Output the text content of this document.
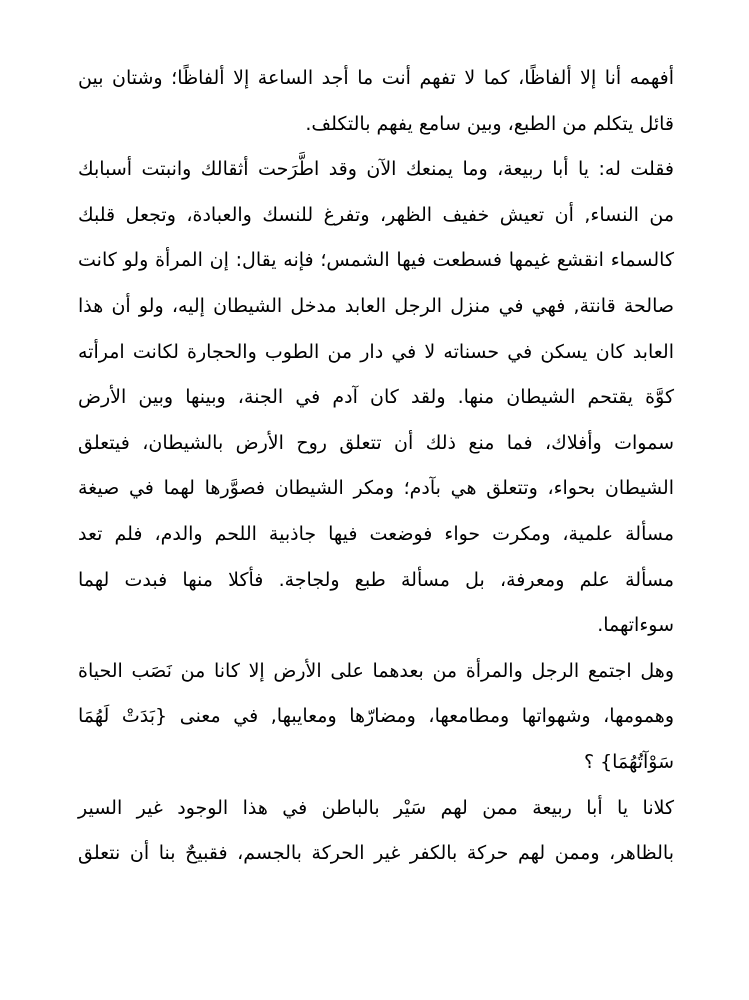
أفهمه أنا إلا ألفاظًا، كما لا تفهم أنت ما أجد الساعة إلا ألفاظًا؛ وشتان بين
قائل يتكلم من الطبع، وبين سامع يفهم بالتكلف.
فقلت له: يا أبا ربيعة، وما يمنعك الآن وقد اطَّرَحت أثقالك وانبتت أسبابك
من النساء, أن تعيش خفيف الظهر، وتفرغ للنسك والعبادة، وتجعل قلبك
كالسماء انقشع غيمها فسطعت فيها الشمس؛ فإنه يقال: إن المرأة ولو كانت
صالحة قانتة, فهي في منزل الرجل العابد مدخل الشيطان إليه، ولو أن هذا
العابد كان يسكن في حسناته لا في دار من الطوب والحجارة لكانت امرأته
كوَّة يقتحم الشيطان منها. ولقد كان آدم في الجنة، وبينها وبين الأرض
سموات وأفلاك، فما منع ذلك أن تتعلق روح الأرض بالشيطان، فيتعلق
الشيطان بحواء، وتتعلق هي بآدم؛ ومكر الشيطان فصوَّرها لهما في صيغة
مسألة علمية، ومكرت حواء فوضعت فيها جاذبية اللحم والدم، فلم تعد
مسألة علم ومعرفة، بل مسألة طبع ولجاجة. فأكلا منها فبدت لهما
سوءاتهما.
وهل اجتمع الرجل والمرأة من بعدهما على الأرض إلا كانا من نَصَب الحياة
وهمومها، وشهواتها ومطامعها، ومضارّها ومعايبها, في معنى {بَدَتْ لَهُمَا
سَوْآتُهُمَا} ؟
كلانا يا أبا ربيعة ممن لهم سَيْر بالباطن في هذا الوجود غير السير
بالظاهر، وممن لهم حركة بالكفر غير الحركة بالجسم، فقبيحٌ بنا أن نتعلق
